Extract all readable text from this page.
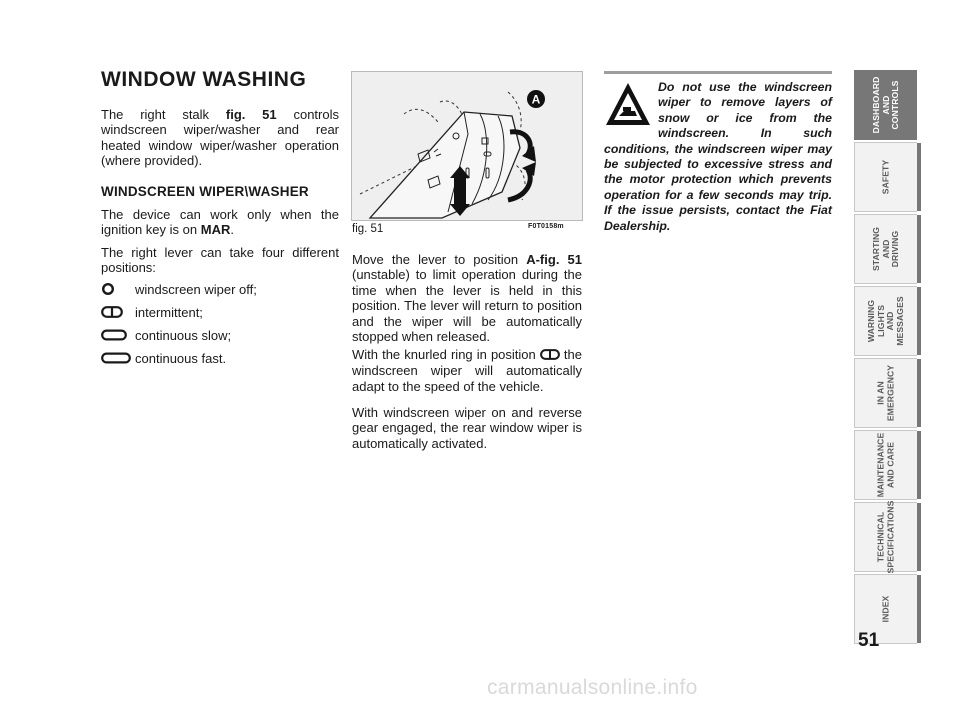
WINDOW WASHING
The right stalk fig. 51 controls windscreen wiper/washer and rear heated window wiper/washer operation (where provided).
WINDSCREEN WIPER\WASHER
The device can work only when the ignition key is on MAR.
The right lever can take four different positions:
windscreen wiper off;
intermittent;
continuous slow;
continuous fast.
A
fig. 51	F0T0158m
Move the lever to position A-fig. 51 (unstable) to limit operation during the time when the lever is held in this position. The lever will return to position and the wiper will be automatically stopped when released.
With the knurled ring in position  the windscreen wiper will automatically adapt to the speed of the vehicle.
With windscreen wiper on and reverse gear engaged, the rear window wiper is automatically activated.
Do not use the windscreen wiper to remove layers of snow or ice from the windscreen. In such conditions, the windscreen wiper may be subjected to excessive stress and the motor protection which prevents operation for a few seconds may trip. If the issue persists, contact the Fiat Dealership.
DASHBOARD
AND CONTROLS
SAFETY
STARTING
AND DRIVING
WARNING
LIGHTS AND
MESSAGES
IN AN
EMERGENCY
MAINTENANCE
AND CARE
TECHNICAL
SPECIFICATIONS
INDEX
51
carmanualsonline.info
